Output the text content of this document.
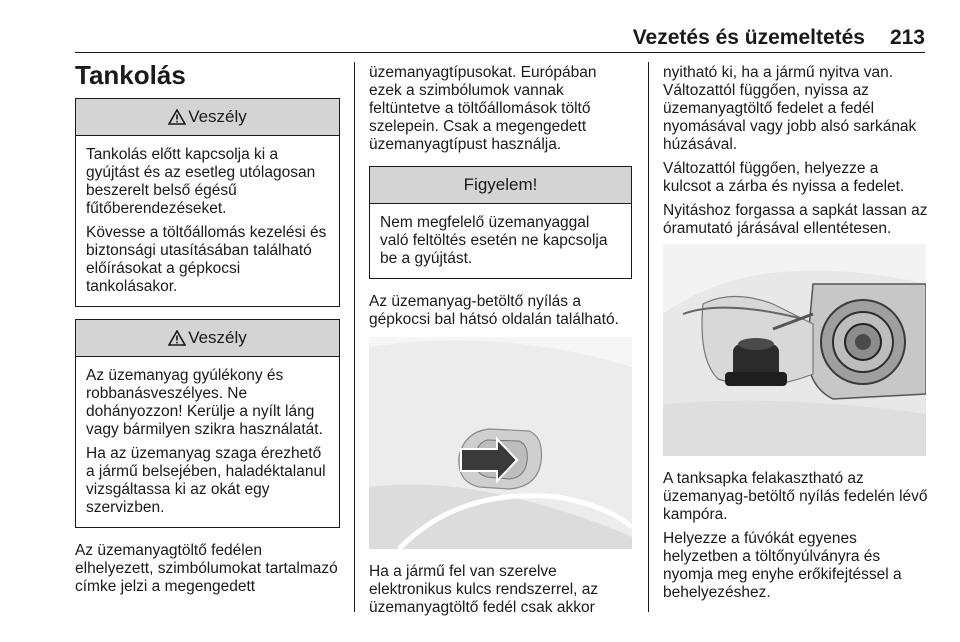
Vezetés és üzemeltetés 213
Tankolás
Veszély

Tankolás előtt kapcsolja ki a gyújtást és az esetleg utólagosan beszerelt belső égésű fűtőberendezéseket.

Kövesse a töltőállomás kezelési és biztonsági utasításában található előírásokat a gépkocsi tankolásakor.

Veszély

Az üzemanyag gyúlékony és robbanásveszélyes. Ne dohányozzon! Kerülje a nyílt láng vagy bármilyen szikra használatát.

Ha az üzemanyag szaga érezhető a jármű belsejében, haladéktalanul vizsgáltassa ki az okát egy szervizben.

Az üzemanyagtöltő fedélen elhelyezett, szimbólumokat tartalmazó címke jelzi a megengedett

üzemanyagtípusokat. Európában ezek a szimbólumok vannak feltüntetve a töltőállomások töltő szelepein. Csak a megengedett üzemanyagtípust használja.

Figyelem!

Nem megfelelő üzemanyaggal való feltöltés esetén ne kapcsolja be a gyújtást.

Az üzemanyag-betöltő nyílás a gépkocsi bal hátsó oldalán található.

Ha a jármű fel van szerelve elektronikus kulcs rendszerrel, az üzemanyagtöltő fedél csak akkor

nyitható ki, ha a jármű nyitva van. Változattól függően, nyissa az üzemanyagtöltő fedelet a fedél nyomásával vagy jobb alsó sarkának húzásával.

Változattól függően, helyezze a kulcsot a zárba és nyissa a fedelet.

Nyitáshoz forgassa a sapkát lassan az óramutató járásával ellentétesen.

A tanksapka felakasztható az üzemanyag-betöltő nyílás fedelén lévő kampóra.

Helyezze a fúvókát egyenes helyzetben a töltőnyúlványra és nyomja meg enyhe erőkifejtéssel a behelyezéshez.
